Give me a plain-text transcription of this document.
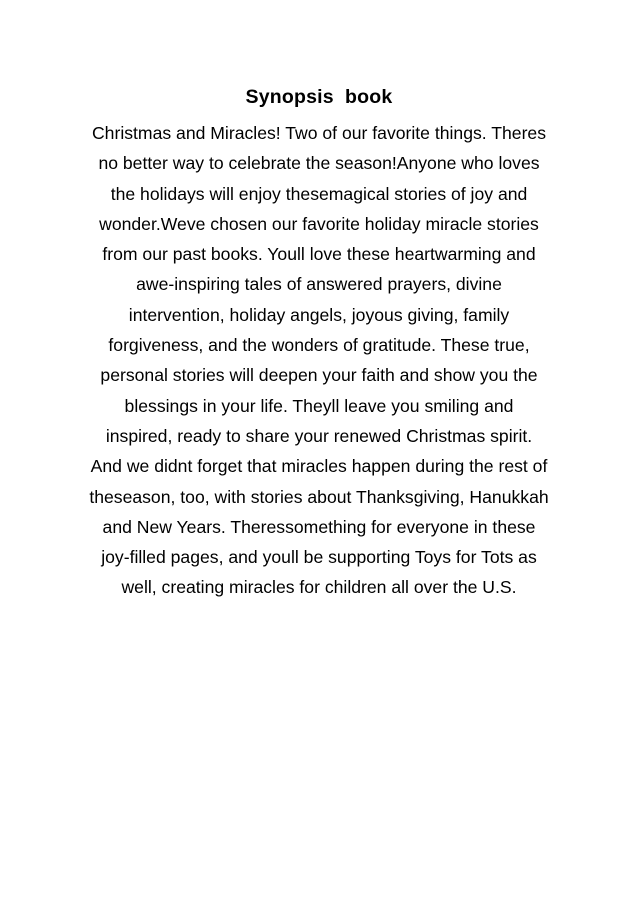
Synopsis  book
Christmas and Miracles! Two of our favorite things. Theres
no better way to celebrate the season!Anyone who loves
the holidays will enjoy thesemagical stories of joy and
wonder.Weve chosen our favorite holiday miracle stories
from our past books. Youll love these heartwarming and
awe-inspiring tales of answered prayers, divine
intervention, holiday angels, joyous giving, family
forgiveness, and the wonders of gratitude. These true,
personal stories will deepen your faith and show you the
blessings in your life. Theyll leave you smiling and
inspired, ready to share your renewed Christmas spirit.
And we didnt forget that miracles happen during the rest of
theseason, too, with stories about Thanksgiving, Hanukkah
and New Years. Theressomething for everyone in these
joy-filled pages, and youll be supporting Toys for Tots as
well, creating miracles for children all over the U.S.
